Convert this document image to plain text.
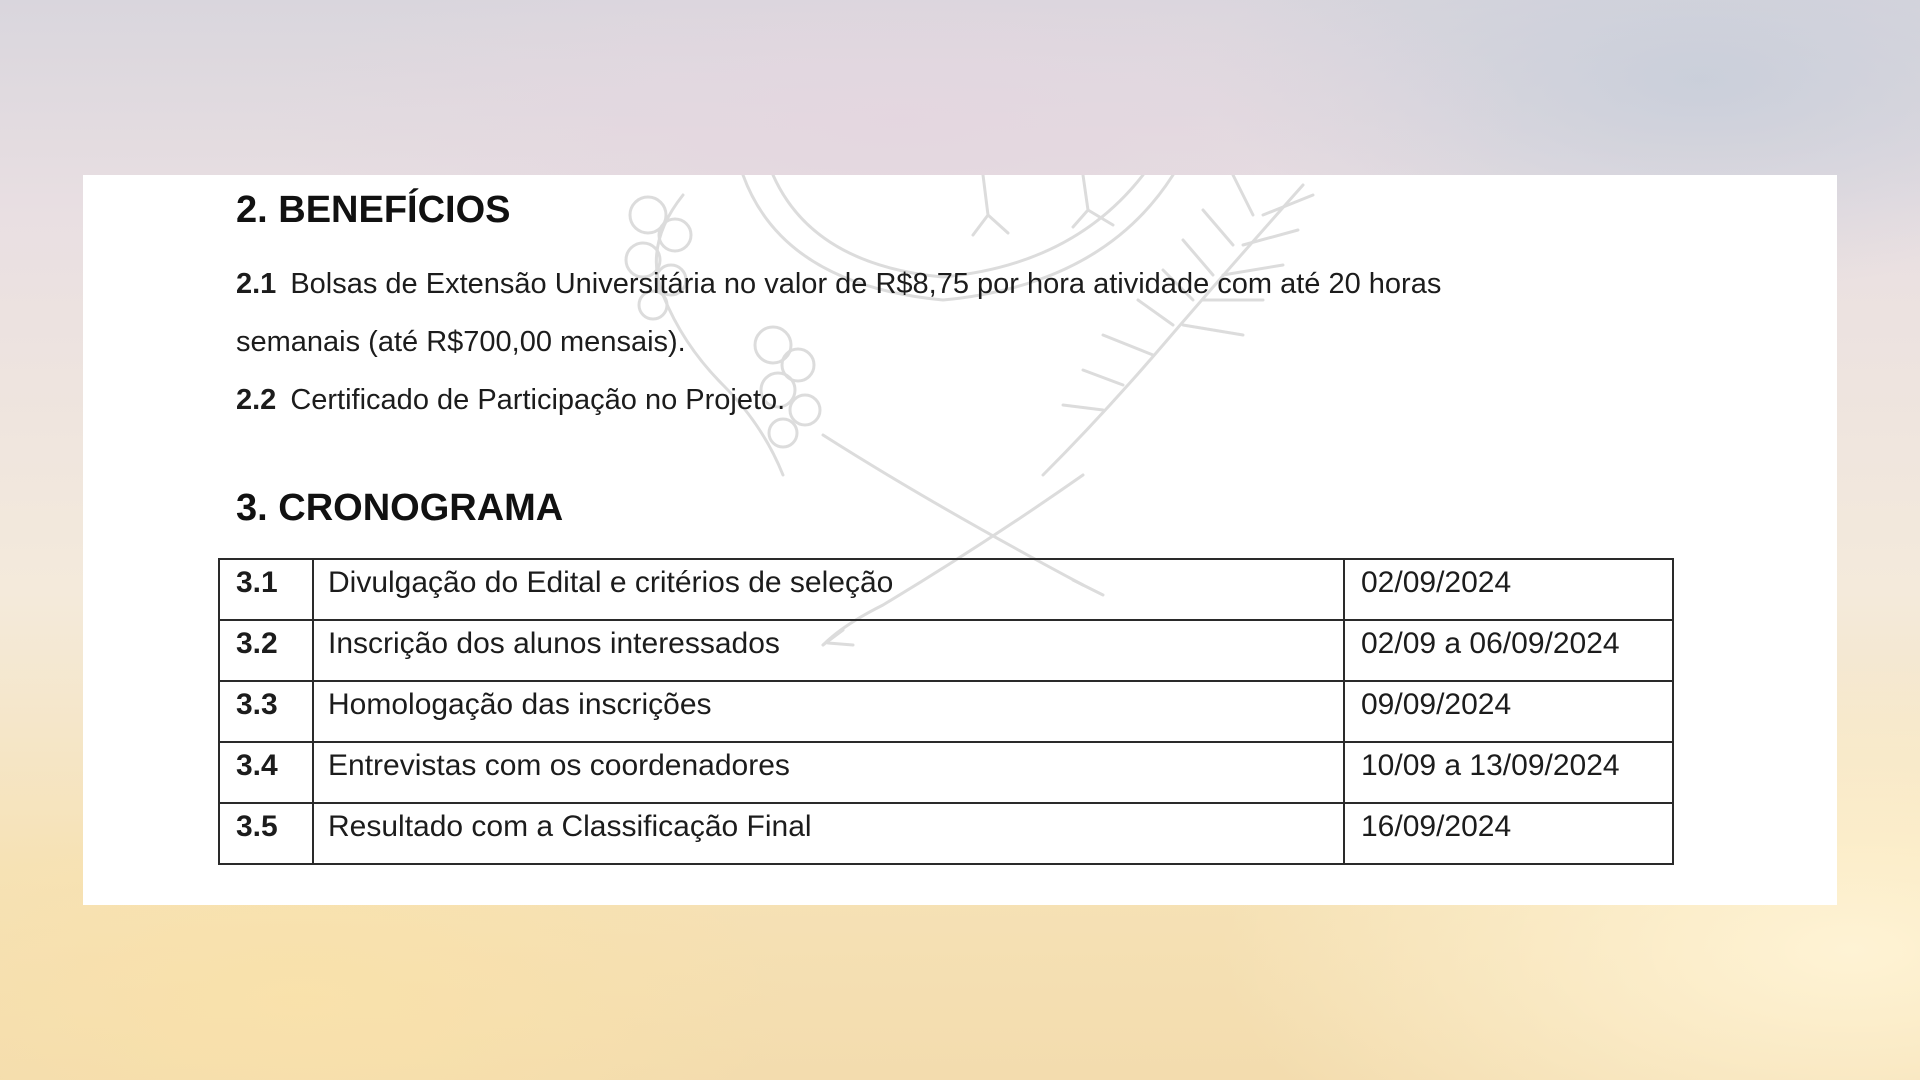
2. BENEFÍCIOS
2.1 Bolsas de Extensão Universitária no valor de R$8,75 por hora atividade com até 20 horas
semanais (até R$700,00 mensais).
2.2 Certificado de Participação no Projeto.
3. CRONOGRAMA
3.1	Divulgação do Edital e critérios de seleção	02/09/2024
3.2	Inscrição dos alunos interessados	02/09 a 06/09/2024
3.3	Homologação das inscrições	09/09/2024
3.4	Entrevistas com os coordenadores	10/09 a 13/09/2024
3.5	Resultado com a Classificação Final	16/09/2024
